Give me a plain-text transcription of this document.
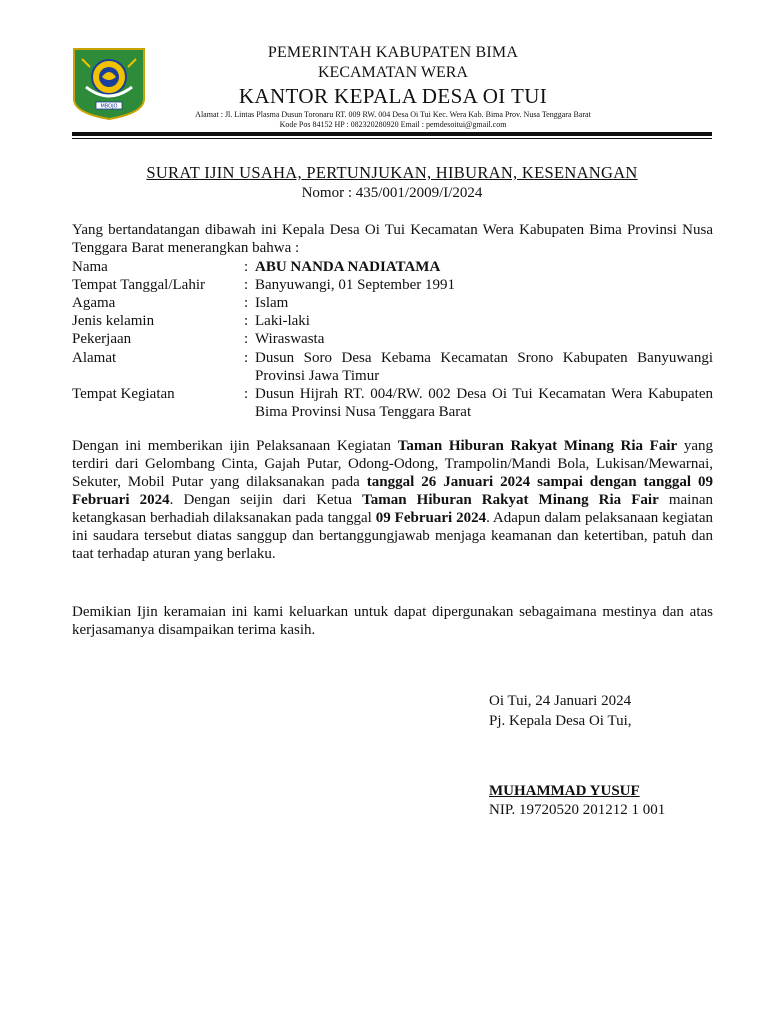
MBOJO
PEMERINTAH KABUPATEN BIMA
KECAMATAN WERA
KANTOR KEPALA DESA OI TUI
Alamat : Jl. Lintas Plasma Dusun Toronaru RT. 009 RW. 004 Desa Oi Tui Kec. Wera Kab. Bima Prov. Nusa Tenggara Barat
Kode Pos 84152 HP : 082320280920 Email : pemdesoitui@gmail.com
SURAT IJIN USAHA, PERTUNJUKAN, HIBURAN, KESENANGAN
Nomor : 435/001/2009/I/2024
Yang bertandatangan dibawah ini Kepala Desa Oi Tui Kecamatan Wera Kabupaten Bima Provinsi Nusa Tenggara Barat menerangkan bahwa :
Nama	: ABU NANDA NADIATAMA
Tempat Tanggal/Lahir	: Banyuwangi, 01 September 1991
Agama	: Islam
Jenis kelamin	: Laki-laki
Pekerjaan	: Wiraswasta
Alamat	: Dusun Soro Desa Kebama Kecamatan Srono Kabupaten Banyuwangi Provinsi Jawa Timur
Tempat Kegiatan	: Dusun Hijrah RT. 004/RW. 002 Desa Oi Tui Kecamatan Wera Kabupaten Bima Provinsi Nusa Tenggara Barat
Dengan ini memberikan ijin Pelaksanaan Kegiatan Taman Hiburan Rakyat Minang Ria Fair yang terdiri dari Gelombang Cinta, Gajah Putar, Odong-Odong, Trampolin/Mandi Bola, Lukisan/Mewarnai, Sekuter, Mobil Putar yang dilaksanakan pada tanggal 26 Januari 2024 sampai dengan tanggal 09 Februari 2024. Dengan seijin dari Ketua Taman Hiburan Rakyat Minang Ria Fair mainan ketangkasan berhadiah dilaksanakan pada tanggal 09 Februari 2024. Adapun dalam pelaksanaan kegiatan ini saudara tersebut diatas sanggup dan bertanggungjawab menjaga keamanan dan ketertiban, patuh dan taat terhadap aturan yang berlaku.
Demikian Ijin keramaian ini kami keluarkan untuk dapat dipergunakan sebagaimana mestinya dan atas kerjasamanya disampaikan terima kasih.
Oi Tui, 24 Januari 2024
Pj. Kepala Desa Oi Tui,
MUHAMMAD YUSUF
NIP. 19720520 201212 1 001
